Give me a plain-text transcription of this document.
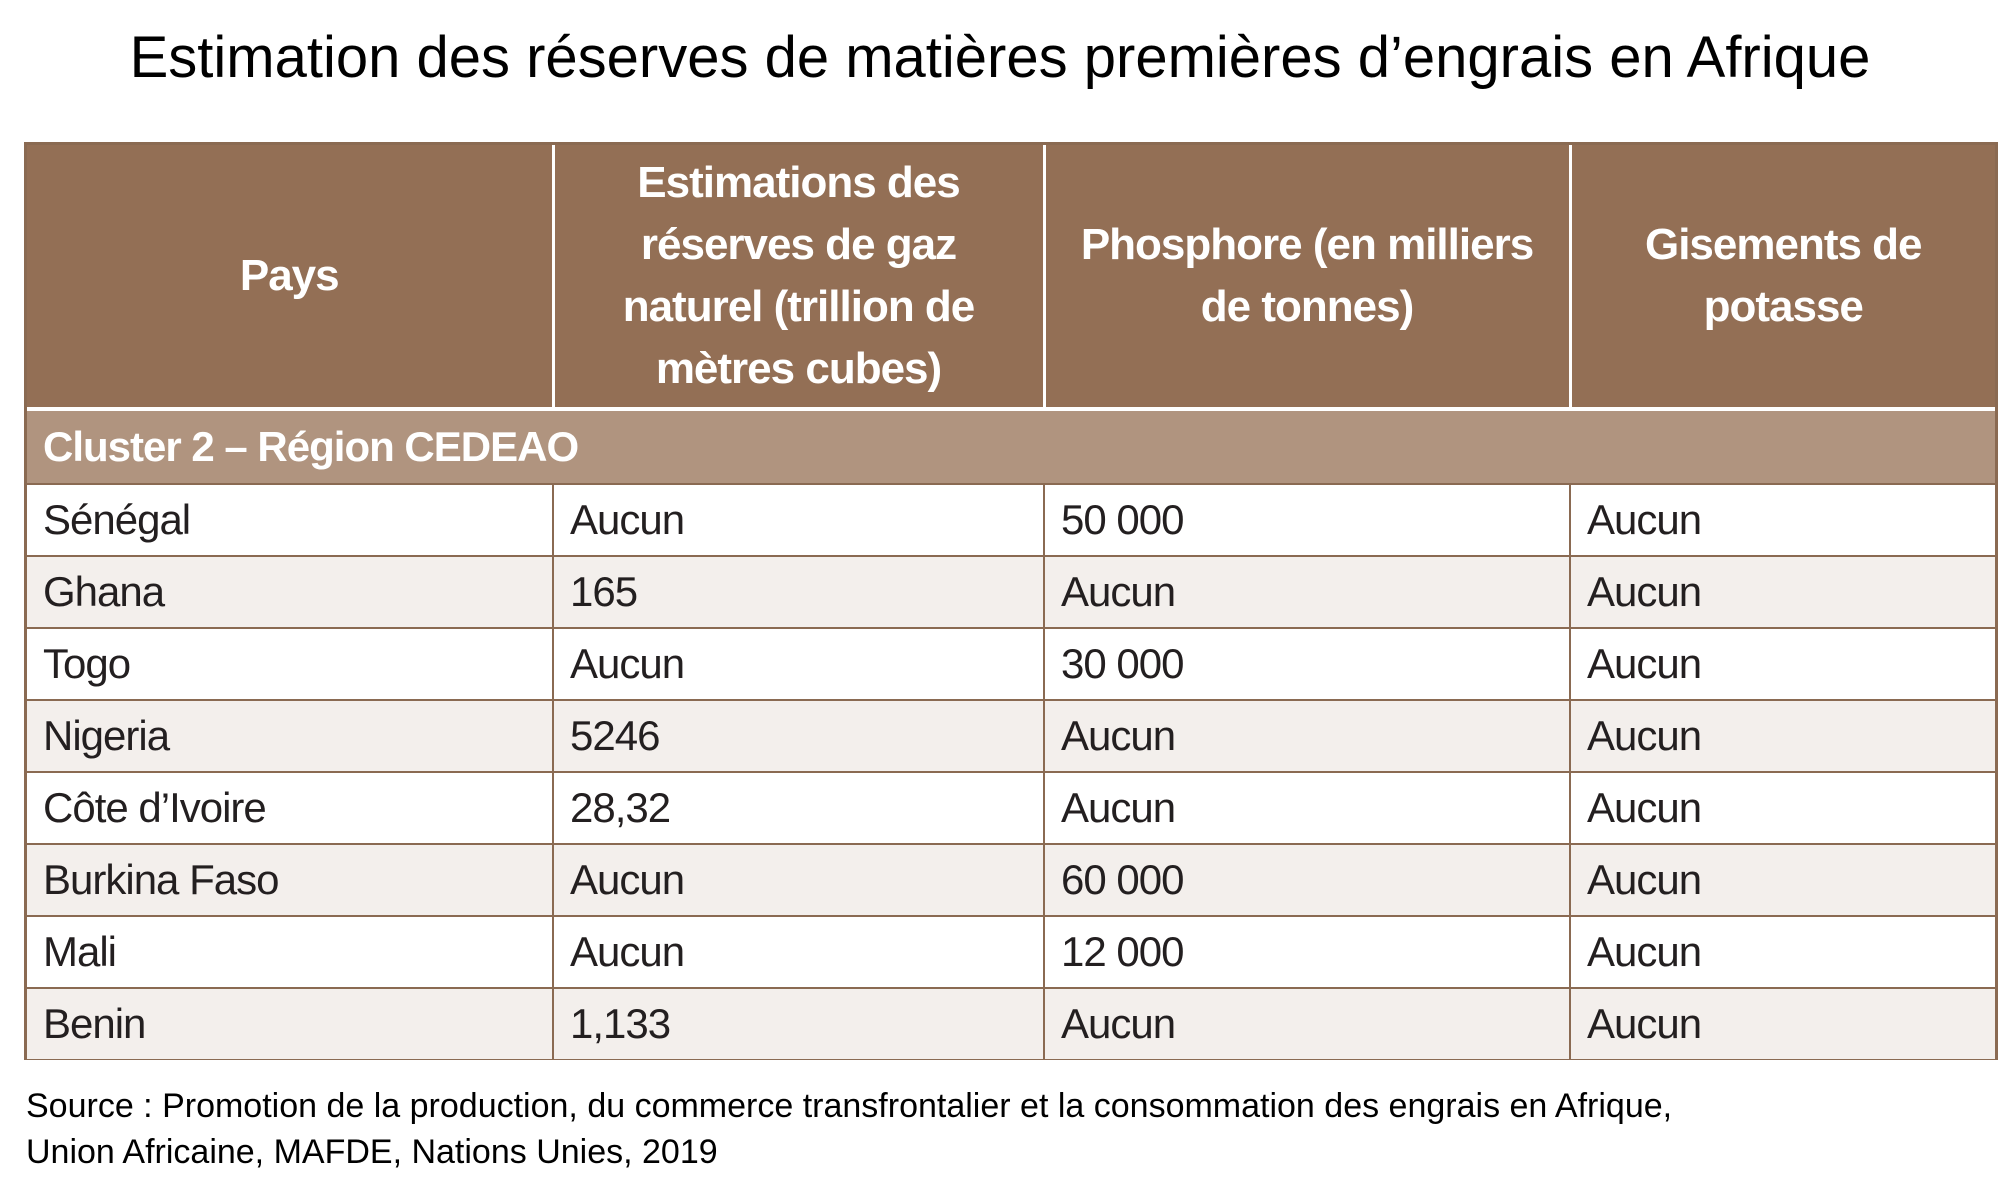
Estimation des réserves de matières premières d’engrais en Afrique
Pays	Estimations des réserves de gaz naturel (trillion de mètres cubes)	Phosphore (en milliers de tonnes)	Gisements de potasse
Cluster 2 – Région CEDEAO			
Sénégal	Aucun	50 000	Aucun
Ghana	165	Aucun	Aucun
Togo	Aucun	30 000	Aucun
Nigeria	5246	Aucun	Aucun
Côte d’Ivoire	28,32	Aucun	Aucun
Burkina Faso	Aucun	60 000	Aucun
Mali	Aucun	12 000	Aucun
Benin	1,133	Aucun	Aucun
Source : Promotion de la production, du commerce transfrontalier et la consommation des engrais en Afrique,
Union Africaine, MAFDE, Nations Unies, 2019
